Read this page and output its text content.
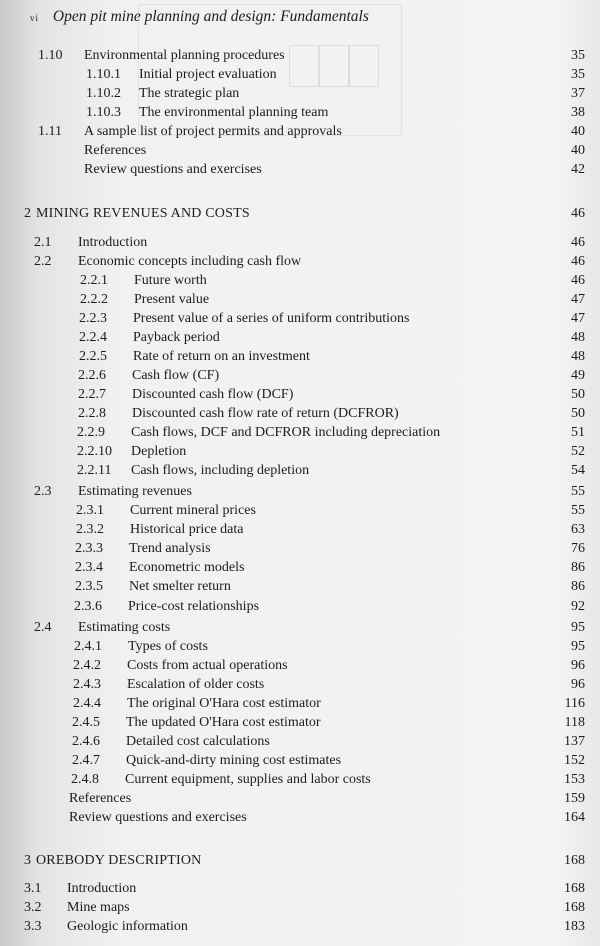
vi Open pit mine planning and design: Fundamentals
1.10 Environmental planning procedures	35
1.10.1 Initial project evaluation	35
1.10.2 The strategic plan	37
1.10.3 The environmental planning team	38
1.11 A sample list of project permits and approvals	40
References	40
Review questions and exercises	42
2 MINING REVENUES AND COSTS	46
2.1 Introduction	46
2.2 Economic concepts including cash flow	46
2.2.1 Future worth	46
2.2.2 Present value	47
2.2.3 Present value of a series of uniform contributions	47
2.2.4 Payback period	48
2.2.5 Rate of return on an investment	48
2.2.6 Cash flow (CF)	49
2.2.7 Discounted cash flow (DCF)	50
2.2.8 Discounted cash flow rate of return (DCFROR)	50
2.2.9 Cash flows, DCF and DCFROR including depreciation	51
2.2.10 Depletion	52
2.2.11 Cash flows, including depletion	54
2.3 Estimating revenues	55
2.3.1 Current mineral prices	55
2.3.2 Historical price data	63
2.3.3 Trend analysis	76
2.3.4 Econometric models	86
2.3.5 Net smelter return	86
2.3.6 Price-cost relationships	92
2.4 Estimating costs	95
2.4.1 Types of costs	95
2.4.2 Costs from actual operations	96
2.4.3 Escalation of older costs	96
2.4.4 The original O'Hara cost estimator	116
2.4.5 The updated O'Hara cost estimator	118
2.4.6 Detailed cost calculations	137
2.4.7 Quick-and-dirty mining cost estimates	152
2.4.8 Current equipment, supplies and labor costs	153
References	159
Review questions and exercises	164
3 OREBODY DESCRIPTION	168
3.1 Introduction	168
3.2 Mine maps	168
3.3 Geologic information	183
